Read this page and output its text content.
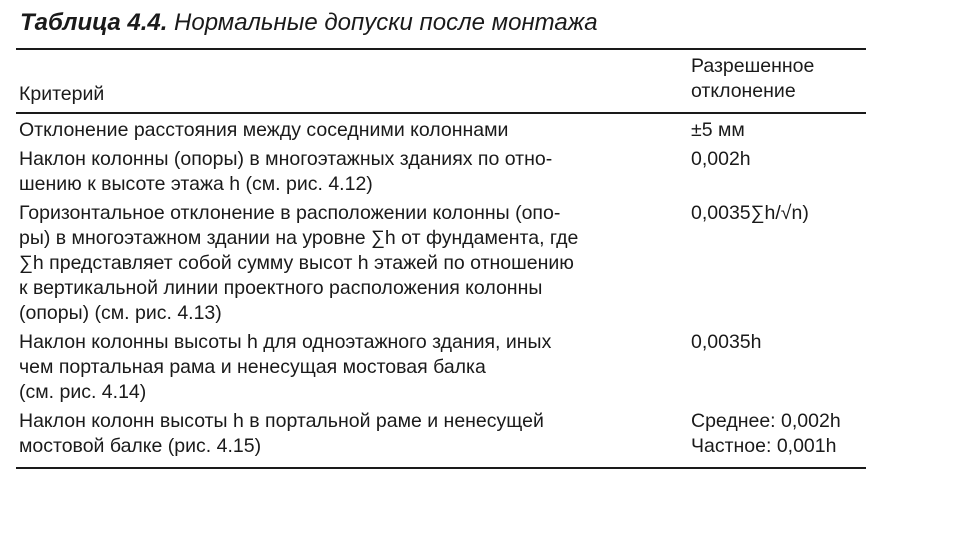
Таблица 4.4. Нормальные допуски после монтажа
Критерий
Разрешенное
отклонение
Отклонение расстояния между соседними колоннами	±5 мм
Наклон колонны (опоры) в многоэтажных зданиях по отно-
шению к высоте этажа h (см. рис. 4.12)
0,002h
Горизонтальное отклонение в расположении колонны (опо-
ры) в многоэтажном здании на уровне ∑h от фундамента, где
∑h представляет собой сумму высот h этажей по отношению
к вертикальной линии проектного расположения колонны
(опоры) (см. рис. 4.13)
0,0035∑h/√n)
Наклон колонны высоты h для одноэтажного здания, иных
чем портальная рама и ненесущая мостовая балка
(см. рис. 4.14)
0,0035h
Наклон колонн высоты h в портальной раме и ненесущей
мостовой балке (рис. 4.15)
Среднее: 0,002h
Частное: 0,001h
